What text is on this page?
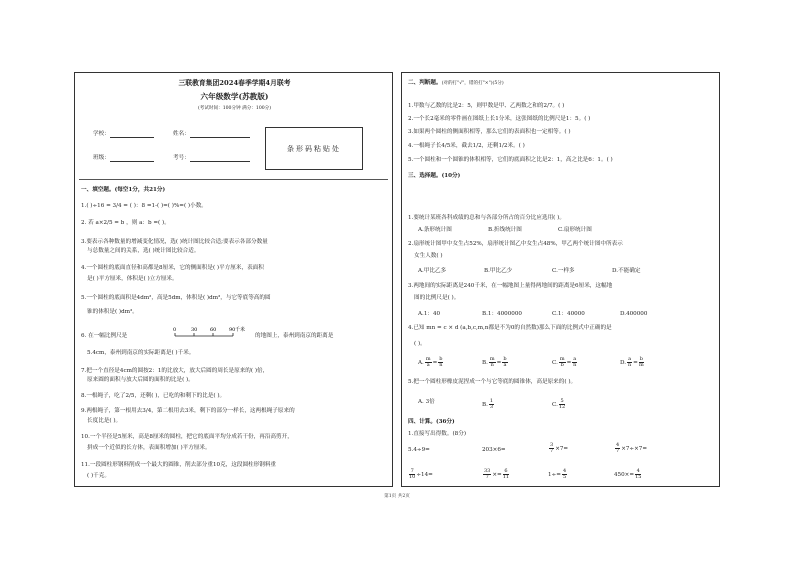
三联教育集团2024春季学期4月联考
六年级数学(苏教版)
(考试时间：100分钟 满分：100分)
学校：	姓名：
班级：	考号：
条形码粘贴处
一、填空题。(每空1分，共21分)
1.( )÷16 = 3/4 = ( )：8 =1-( )=( )%=( )小数。
2. 若 a×2/5 = b ，则 a：b =( )。
3.要表示各种数量的增减变化情况，选( )统计图比较合适;要表示各部分数量
与总数量之间的关系，选( )统计图比较合适。
4.一个圆柱的底面直径和高都是8厘米，它的侧面积是( )平方厘米，表面积
是( )平方厘米，体积是( )立方厘米。
5.一个圆柱的底面积是4dm²，高是5dm，体积是( )dm³，与它等底等高的圆
锥的体积是( )dm³。
6. 在一幅比例尺是
0	30	60	90 千米
的地图上，泰州到南京的距离是
5.4cm，泰州到南京的实际距离是( )千米。
7.把一个直径是4cm的圆按2：1的比放大，放大后圆的周长是原来的( )倍，
原来圆的面积与放大后圆的面积的比是( )。
8.一根绳子，吃了2/5，还剩( )，已吃的和剩下的比是( )。
9.两根绳子，第一根用去3/4，第二根用去3米，剩下的部分一样长，这两根绳子原来的
长度比是( )。
10.一个半径是5厘米，高是8厘米的圆柱，把它的底面平均分成若干份，再沿高剪开，
拼成一个近似的长方体，表面积增加( )平方厘米。
11.一段圆柱形钢料削成一个最大的圆锥，削去部分重10克，这段圆柱形钢料重
( )千克。
二、判断题。(对的打"√"，错的打"×")(5分)
1.甲数与乙数的比是2：5，则甲数是甲、乙两数之和的2/7。( )
2.一个长2毫米的零件画在图纸上长1分米，这张图纸的比例尺是1：5。( )
3.如果两个圆柱的侧面积相等，那么它们的表面积也一定相等。( )
4.一根绳子长4/5米，截去1/2，还剩1/2米。( )
5.一个圆柱和一个圆锥的体积相等，它们的底面积之比是2：1，高之比是6：1。( )
三、选择题。(10分)
1.要统计某班各科成绩的总和与各部分所占的百分比应选用( )。
A.条形统计图	B.折线统计图	C.扇形统计图
2.扇形统计图甲中女生占52%，扇形统计图乙中女生占48%，甲乙两个统计图中所表示
女生人数( )
A.甲比乙多	B.甲比乙少	C.一样多	D.不能确定
3.两地间的实际距离是240千米，在一幅地图上量得两地间的距离是6厘米，这幅地
图的比例尺是( )。
A.1：40	B.1：4000000	C.1：40000	D.400000
4.已知 mn = c × d (a,b,c,m,n都是不为0的自然数)那么下面的比例式中正确的是
( )。
A. $\frac{m}{a} = \frac{b}{n}$	B. $\frac{m}{n} = \frac{b}{a}$	C. $\frac{m}{b} = \frac{a}{n}$	D. $\frac{a}{n} = \frac{b}{m}$
5.把一个圆柱形橡皮泥捏成一个与它等底的圆锥体，高是原来的( )。
A. 3倍	B. $\frac{1}{3}$	C. $\frac{5}{12}$
四、计算。(36分)
1.直接写出得数。(8分)
5.4÷9=	203×6=	$\frac{3}{7} \times 7=$	$\frac{4}{7} \times 7\div\times 7=$
$\frac{7}{10} \div 14=$	$\frac{33}{7} \times= \frac{6}{11}$	$1\div= \frac{4}{5}$	$450\times= \frac{4}{15}$
第1页 共2页
